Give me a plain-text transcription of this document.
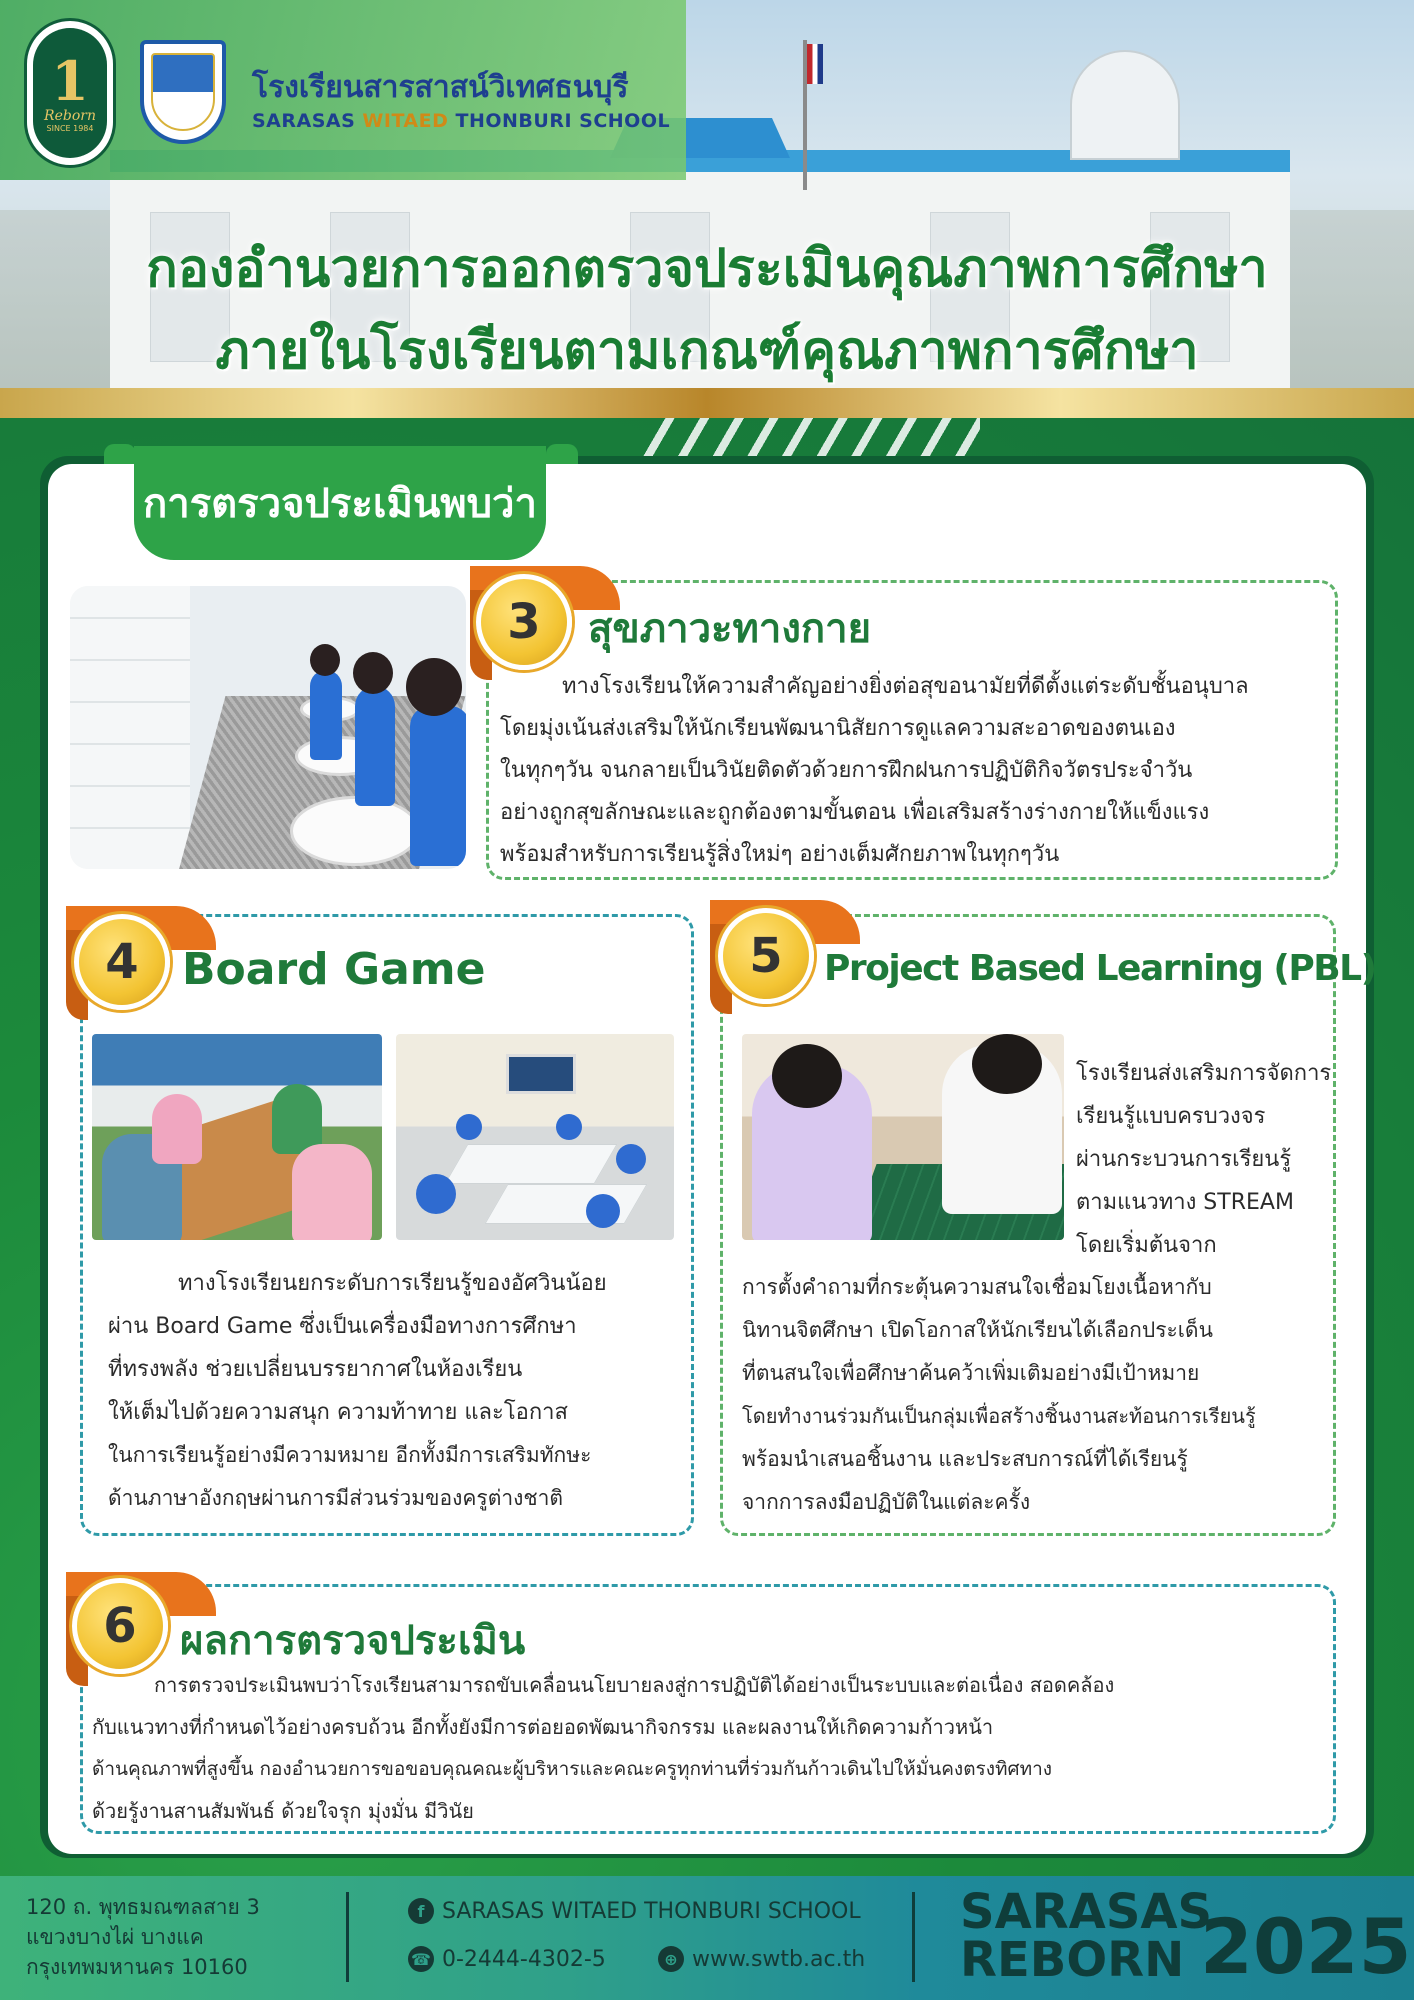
1
Reborn
SINCE 1984
โรงเรียนสารสาสน์วิเทศธนบุรี
SARASAS WITAED THONBURI SCHOOL
กองอำนวยการออกตรวจประเมินคุณภาพการศึกษา
ภายในโรงเรียนตามเกณฑ์คุณภาพการศึกษา
การตรวจประเมินพบว่า
3	สุขภาวะทางกาย

ทางโรงเรียนให้ความสำคัญอย่างยิ่งต่อสุขอนามัยที่ดีตั้งแต่ระดับชั้นอนุบาล

โดยมุ่งเน้นส่งเสริมให้นักเรียนพัฒนานิสัยการดูแลความสะอาดของตนเอง

ในทุกๆวัน จนกลายเป็นวินัยติดตัวด้วยการฝึกฝนการปฏิบัติกิจวัตรประจำวัน

อย่างถูกสุขลักษณะและถูกต้องตามขั้นตอน เพื่อเสริมสร้างร่างกายให้แข็งแรง

พร้อมสำหรับการเรียนรู้สิ่งใหม่ๆ อย่างเต็มศักยภาพในทุกๆวัน

4 Board Game

ทางโรงเรียนยกระดับการเรียนรู้ของอัศวินน้อย

ผ่าน Board Game ซึ่งเป็นเครื่องมือทางการศึกษา

ที่ทรงพลัง ช่วยเปลี่ยนบรรยากาศในห้องเรียน

ให้เต็มไปด้วยความสนุก ความท้าทาย และโอกาส

ในการเรียนรู้อย่างมีความหมาย อีกทั้งมีการเสริมทักษะ

ด้านภาษาอังกฤษผ่านการมีส่วนร่วมของครูต่างชาติ

5	Project Based Learning (PBL)

โรงเรียนส่งเสริมการจัดการ

เรียนรู้แบบครบวงจร

ผ่านกระบวนการเรียนรู้

ตามแนวทาง STREAM

โดยเริ่มต้นจาก

การตั้งคำถามที่กระตุ้นความสนใจเชื่อมโยงเนื้อหากับ

นิทานจิตศึกษา เปิดโอกาสให้นักเรียนได้เลือกประเด็น

ที่ตนสนใจเพื่อศึกษาค้นคว้าเพิ่มเติมอย่างมีเป้าหมาย

โดยทำงานร่วมกันเป็นกลุ่มเพื่อสร้างชิ้นงานสะท้อนการเรียนรู้

พร้อมนำเสนอชิ้นงาน และประสบการณ์ที่ได้เรียนรู้

จากการลงมือปฏิบัติในแต่ละครั้ง

6	ผลการตรวจประเมิน

การตรวจประเมินพบว่าโรงเรียนสามารถขับเคลื่อนนโยบายลงสู่การปฏิบัติได้อย่างเป็นระบบและต่อเนื่อง สอดคล้อง

กับแนวทางที่กำหนดไว้อย่างครบถ้วน อีกทั้งยังมีการต่อยอดพัฒนากิจกรรม และผลงานให้เกิดความก้าวหน้า

ด้านคุณภาพที่สูงขึ้น กองอำนวยการขอขอบคุณคณะผู้บริหารและคณะครูทุกท่านที่ร่วมกันก้าวเดินไปให้มั่นคงตรงทิศทาง

ด้วยรู้งานสานสัมพันธ์ ด้วยใจรุก มุ่งมั่น มีวินัย

120 ถ. พุทธมณฑลสาย 3
แขวงบางไผ่ บางแค
กรุงเทพมหานคร 10160
f SARASAS WITAED THONBURI SCHOOL
☎ 0-2444-4302-5	⊕ www.swtb.ac.th
SARASAS
REBORN 2025
